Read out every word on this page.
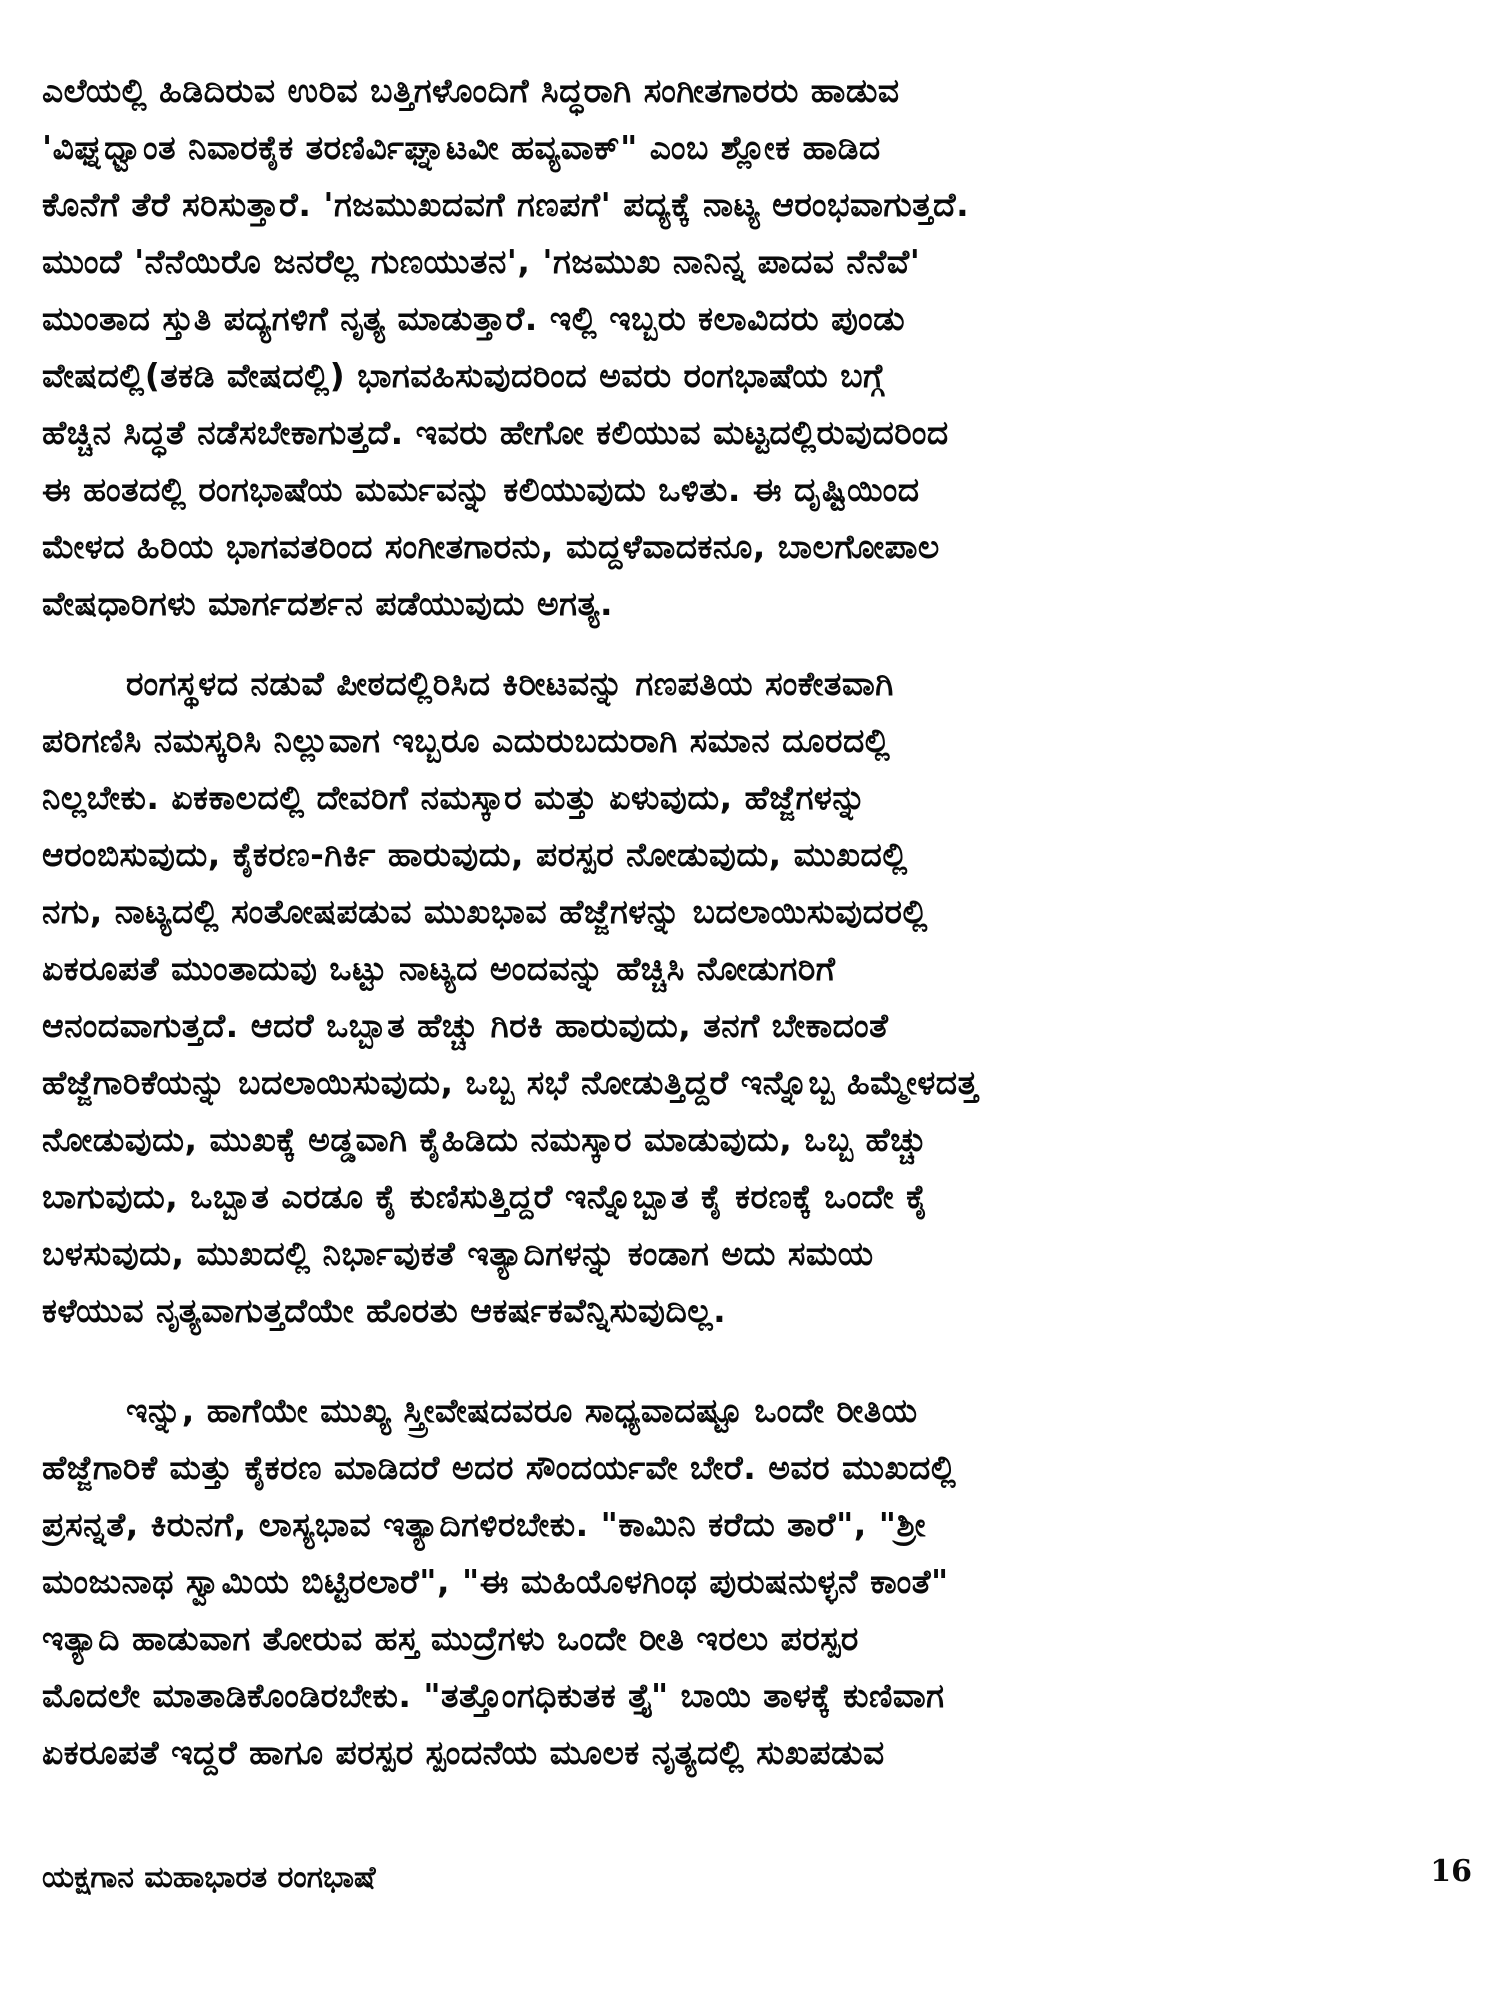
ಎಲೆಯಲ್ಲಿ ಹಿಡಿದಿರುವ ಉರಿವ ಬತ್ತಿಗಳೊಂದಿಗೆ ಸಿದ್ಧರಾಗಿ ಸಂಗೀತಗಾರರು ಹಾಡುವ
'ವಿಘ್ನಧ್ವಾಂತ ನಿವಾರಕೈಕ ತರಣಿರ್ವಿಘ್ನಾಟವೀ ಹವ್ಯವಾಕ್" ಎಂಬ ಶ್ಲೋಕ ಹಾಡಿದ
ಕೊನೆಗೆ ತೆರೆ ಸರಿಸುತ್ತಾರೆ. 'ಗಜಮುಖದವಗೆ ಗಣಪಗೆ' ಪದ್ಯಕ್ಕೆ ನಾಟ್ಯ ಆರಂಭವಾಗುತ್ತದೆ.
ಮುಂದೆ 'ನೆನೆಯಿರೊ ಜನರೆಲ್ಲ ಗುಣಯುತನ', 'ಗಜಮುಖ ನಾನಿನ್ನ ಪಾದವ ನೆನೆವೆ'
ಮುಂತಾದ ಸ್ತುತಿ ಪದ್ಯಗಳಿಗೆ ನೃತ್ಯ ಮಾಡುತ್ತಾರೆ. ಇಲ್ಲಿ ಇಬ್ಬರು ಕಲಾವಿದರು ಪುಂಡು
ವೇಷದಲ್ಲಿ(ತಕಡಿ ವೇಷದಲ್ಲಿ) ಭಾಗವಹಿಸುವುದರಿಂದ ಅವರು ರಂಗಭಾಷೆಯ ಬಗ್ಗೆ
ಹೆಚ್ಚಿನ ಸಿದ್ಧತೆ ನಡೆಸಬೇಕಾಗುತ್ತದೆ. ಇವರು ಹೇಗೋ ಕಲಿಯುವ ಮಟ್ಟದಲ್ಲಿರುವುದರಿಂದ
ಈ ಹಂತದಲ್ಲಿ ರಂಗಭಾಷೆಯ ಮರ್ಮವನ್ನು ಕಲಿಯುವುದು ಒಳಿತು. ಈ ದೃಷ್ಟಿಯಿಂದ
ಮೇಳದ ಹಿರಿಯ ಭಾಗವತರಿಂದ ಸಂಗೀತಗಾರನು, ಮದ್ದಳೆವಾದಕನೂ, ಬಾಲಗೋಪಾಲ
ವೇಷಧಾರಿಗಳು ಮಾರ್ಗದರ್ಶನ ಪಡೆಯುವುದು ಅಗತ್ಯ.
ರಂಗಸ್ಥಳದ ನಡುವೆ ಪೀಠದಲ್ಲಿರಿಸಿದ ಕಿರೀಟವನ್ನು ಗಣಪತಿಯ ಸಂಕೇತವಾಗಿ
ಪರಿಗಣಿಸಿ ನಮಸ್ಕರಿಸಿ ನಿಲ್ಲುವಾಗ ಇಬ್ಬರೂ ಎದುರುಬದುರಾಗಿ ಸಮಾನ ದೂರದಲ್ಲಿ
ನಿಲ್ಲಬೇಕು. ಏಕಕಾಲದಲ್ಲಿ ದೇವರಿಗೆ ನಮಸ್ಕಾರ ಮತ್ತು ಏಳುವುದು, ಹೆಜ್ಜೆಗಳನ್ನು
ಆರಂಬಿಸುವುದು, ಕೈಕರಣ-ಗಿರ್ಕಿ ಹಾರುವುದು, ಪರಸ್ಪರ ನೋಡುವುದು, ಮುಖದಲ್ಲಿ
ನಗು, ನಾಟ್ಯದಲ್ಲಿ ಸಂತೋಷಪಡುವ ಮುಖಭಾವ ಹೆಜ್ಜೆಗಳನ್ನು ಬದಲಾಯಿಸುವುದರಲ್ಲಿ
ಏಕರೂಪತೆ ಮುಂತಾದುವು ಒಟ್ಟು ನಾಟ್ಯದ ಅಂದವನ್ನು ಹೆಚ್ಚಿಸಿ ನೋಡುಗರಿಗೆ
ಆನಂದವಾಗುತ್ತದೆ. ಆದರೆ ಒಬ್ಬಾತ ಹೆಚ್ಚು ಗಿರಕಿ ಹಾರುವುದು, ತನಗೆ ಬೇಕಾದಂತೆ
ಹೆಜ್ಜೆಗಾರಿಕೆಯನ್ನು ಬದಲಾಯಿಸುವುದು, ಒಬ್ಬ ಸಭೆ ನೋಡುತ್ತಿದ್ದರೆ ಇನ್ನೊಬ್ಬ ಹಿಮ್ಮೇಳದತ್ತ
ನೋಡುವುದು, ಮುಖಕ್ಕೆ ಅಡ್ಡವಾಗಿ ಕೈಹಿಡಿದು ನಮಸ್ಕಾರ ಮಾಡುವುದು, ಒಬ್ಬ ಹೆಚ್ಚು
ಬಾಗುವುದು, ಒಬ್ಬಾತ ಎರಡೂ ಕೈ ಕುಣಿಸುತ್ತಿದ್ದರೆ ಇನ್ನೊಬ್ಬಾತ ಕೈ ಕರಣಕ್ಕೆ ಒಂದೇ ಕೈ
ಬಳಸುವುದು, ಮುಖದಲ್ಲಿ ನಿರ್ಭಾವುಕತೆ ಇತ್ಯಾದಿಗಳನ್ನು ಕಂಡಾಗ ಅದು ಸಮಯ
ಕಳೆಯುವ ನೃತ್ಯವಾಗುತ್ತದೆಯೇ ಹೊರತು ಆಕರ್ಷಕವೆನ್ನಿಸುವುದಿಲ್ಲ.
ಇನ್ನು, ಹಾಗೆಯೇ ಮುಖ್ಯ ಸ್ತ್ರೀವೇಷದವರೂ ಸಾಧ್ಯವಾದಷ್ಟೂ ಒಂದೇ ರೀತಿಯ
ಹೆಜ್ಜೆಗಾರಿಕೆ ಮತ್ತು ಕೈಕರಣ ಮಾಡಿದರೆ ಅದರ ಸೌಂದರ್ಯವೇ ಬೇರೆ. ಅವರ ಮುಖದಲ್ಲಿ
ಪ್ರಸನ್ನತೆ, ಕಿರುನಗೆ, ಲಾಸ್ಯಭಾವ ಇತ್ಯಾದಿಗಳಿರಬೇಕು. "ಕಾಮಿನಿ ಕರೆದು ತಾರೆ", "ಶ್ರೀ
ಮಂಜುನಾಥ ಸ್ವಾಮಿಯ ಬಿಟ್ಟಿರಲಾರೆ", "ಈ ಮಹಿಯೊಳಗಿಂಥ ಪುರುಷನುಳ್ಳನೆ ಕಾಂತೆ"
ಇತ್ಯಾದಿ ಹಾಡುವಾಗ ತೋರುವ ಹಸ್ತ ಮುದ್ರೆಗಳು ಒಂದೇ ರೀತಿ ಇರಲು ಪರಸ್ಪರ
ಮೊದಲೇ ಮಾತಾಡಿಕೊಂಡಿರಬೇಕು. "ತತ್ತೊಂಗಧಿಕುತಕ ತ್ತೈ" ಬಾಯಿ ತಾಳಕ್ಕೆ ಕುಣಿವಾಗ
ಏಕರೂಪತೆ ಇದ್ದರೆ ಹಾಗೂ ಪರಸ್ಪರ ಸ್ಪಂದನೆಯ ಮೂಲಕ ನೃತ್ಯದಲ್ಲಿ ಸುಖಪಡುವ
ಯಕ್ಷಗಾನ ಮಹಾಭಾರತ ರಂಗಭಾಷೆ	16
